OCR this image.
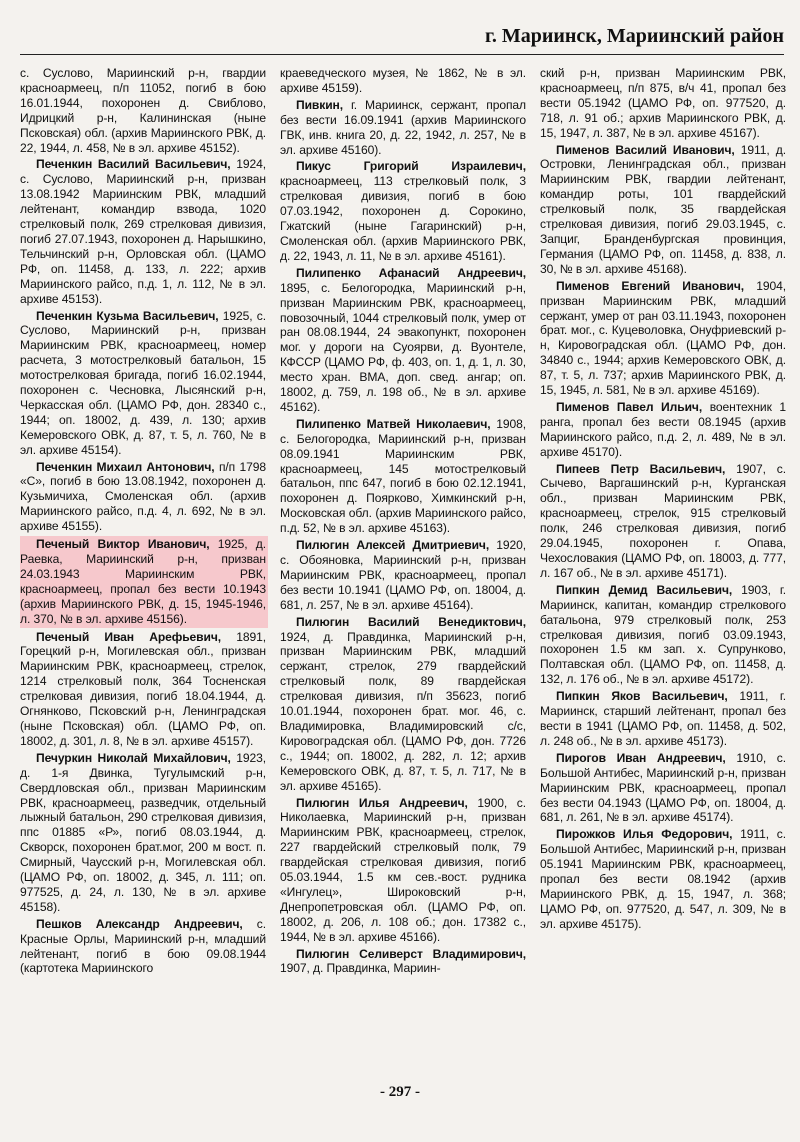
г. Мариинск, Мариинский район

с. Суслово, Мариинский р-н, гвардии красноармеец, п/п 11052, погиб в бою 16.01.1944, похоронен д. Свибловo, Идрицкий р-н, Калининская (ныне Псковская) обл. (архив Мариинского РВК, д. 22, 1944, л. 458, № в эл. архиве 45152).

Печенкин Василий Васильевич, 1924, с. Суслово, Мариинский р-н, призван 13.08.1942 Мариинским РВК, младший лейтенант, командир взвода, 1020 стрелковый полк, 269 стрелковая дивизия, погиб 27.07.1943, похоронен д. Нарышкино, Тельчинский р-н, Орловская обл. (ЦАМО РФ, оп. 11458, д. 133, л. 222; архив Мариинского райсо, п.д. 1, л. 112, № в эл. архиве 45153).

Печенкин Кузьма Васильевич, 1925, с. Суслово, Мариинский р-н, призван Мариинским РВК, красноармеец, номер расчета, 3 мотострелковый батальон, 15 мотострелковая бригада, погиб 16.02.1944, похоронен с. Чесновка, Лысянский р-н, Черкасская обл. (ЦАМО РФ, дон. 28340 с., 1944; оп. 18002, д. 439, л. 130; архив Кемеровского ОВК, д. 87, т. 5, л. 760, № в эл. архиве 45154).

Печенкин Михаил Антонович, п/п 1798 «С», погиб в бою 13.08.1942, похоронен д. Кузьмичиха, Смоленская обл. (архив Мариинского райсо, п.д. 4, л. 692, № в эл. архиве 45155).

Печеный Виктор Иванович, 1925, д. Раевка, Мариинский р-н, призван 24.03.1943 Мариинским РВК, красноармеец, пропал без вести 10.1943 (архив Мариинского РВК, д. 15, 1945-1946, л. 370, № в эл. архиве 45156).

Печеный Иван Арефьевич, 1891, Горецкий р-н, Могилевская обл., призван Мариинским РВК, красноармеец, стрелок, 1214 стрелковый полк, 364 Тосненская стрелковая дивизия, погиб 18.04.1944, д. Огнянково, Псковский р-н, Ленинградская (ныне Псковская) обл. (ЦАМО РФ, оп. 18002, д. 301, л. 8, № в эл. архиве 45157).

Печуркин Николай Михайлович, 1923, д. 1-я Двинка, Тугулымский р-н, Свердловская обл., призван Мариинским РВК, красноармеец, разведчик, отдельный лыжный батальон, 290 стрелковая дивизия, ппс 01885 «Р», погиб 08.03.1944, д. Скворск, похоронен брат.мог, 200 м вост. п. Смирный, Чаусский р-н, Могилевская обл. (ЦАМО РФ, оп. 18002, д. 345, л. 111; оп. 977525, д. 24, л. 130, № в эл. архиве 45158).

Пешков Александр Андреевич, с. Красные Орлы, Мариинский р-н, младший лейтенант, погиб в бою 09.08.1944 (картотека Мариинского

краеведческого музея, № 1862, № в эл. архиве 45159).

Пивкин, г. Мариинск, сержант, пропал без вести 16.09.1941 (архив Мариинского ГВК, инв. книга 20, д. 22, 1942, л. 257, № в эл. архиве 45160).

Пикус Григорий Израилевич, красноармеец, 113 стрелковый полк, 3 стрелковая дивизия, погиб в бою 07.03.1942, похоронен д. Сорокино, Гжатский (ныне Гагаринский) р-н, Смоленская обл. (архив Мариинского РВК, д. 22, 1943, л. 11, № в эл. архиве 45161).

Пилипенко Афанасий Андреевич, 1895, с. Белогородка, Мариинский р-н, призван Мариинским РВК, красноармеец, повозочный, 1044 стрелковый полк, умер от ран 08.08.1944, 24 эвакопункт, похоронен мог. у дороги на Суоярви, д. Вуонтеле, КФССР (ЦАМО РФ, ф. 403, оп. 1, д. 1, л. 30, место хран. ВМА, доп. свед. ангар; оп. 18002, д. 759, л. 198 об., № в эл. архиве 45162).

Пилипенко Матвей Николаевич, 1908, с. Белогородка, Мариинский р-н, призван 08.09.1941 Мариинским РВК, красноармеец, 145 мотострелковый батальон, ппс 647, погиб в бою 02.12.1941, похоронен д. Поярково, Химкинский р-н, Московская обл. (архив Мариинского райсо, п.д. 52, № в эл. архиве 45163).

Пилюгин Алексей Дмитриевич, 1920, с. Обояновка, Мариинский р-н, призван Мариинским РВК, красноармеец, пропал без вести 10.1941 (ЦАМО РФ, оп. 18004, д. 681, л. 257, № в эл. архиве 45164).

Пилюгин Василий Венедиктович, 1924, д. Правдинка, Мариинский р-н, призван Мариинским РВК, младший сержант, стрелок, 279 гвардейский стрелковый полк, 89 гвардейская стрелковая дивизия, п/п 35623, погиб 10.01.1944, похоронен брат. мог. 46, с. Владимировка, Владимировский с/с, Кировоградская обл. (ЦАМО РФ, дон. 7726 с., 1944; оп. 18002, д. 282, л. 12; архив Кемеровского ОВК, д. 87, т. 5, л. 717, № в эл. архиве 45165).

Пилюгин Илья Андреевич, 1900, с. Николаевка, Мариинский р-н, призван Мариинским РВК, красноармеец, стрелок, 227 гвардейский стрелковый полк, 79 гвардейская стрелковая дивизия, погиб 05.03.1944, 1.5 км сев.-вост. рудника «Ингулец», Широковский р-н, Днепропетровская обл. (ЦАМО РФ, оп. 18002, д. 206, л. 108 об.; дон. 17382 с., 1944, № в эл. архиве 45166).

Пилюгин Селиверст Владимирович, 1907, д. Правдинка, Мариин-

ский р-н, призван Мариинским РВК, красноармеец, п/п 875, в/ч 41, пропал без вести 05.1942 (ЦАМО РФ, оп. 977520, д. 718, л. 91 об.; архив Мариинского РВК, д. 15, 1947, л. 387, № в эл. архиве 45167).

Пименов Василий Иванович, 1911, д. Островки, Ленинградская обл., призван Мариинским РВК, гвардии лейтенант, командир роты, 101 гвардейский стрелковый полк, 35 гвардейская стрелковая дивизия, погиб 29.03.1945, с. Запциг, Бранденбургская провинция, Германия (ЦАМО РФ, оп. 11458, д. 838, л. 30, № в эл. архиве 45168).

Пименов Евгений Иванович, 1904, призван Мариинским РВК, младший сержант, умер от ран 03.11.1943, похоронен брат. мог., с. Куцеволовка, Онуфриевский р-н, Кировоградская обл. (ЦАМО РФ, дон. 34840 с., 1944; архив Кемеровского ОВК, д. 87, т. 5, л. 737; архив Мариинского РВК, д. 15, 1945, л. 581, № в эл. архиве 45169).

Пименов Павел Ильич, воентехник 1 ранга, пропал без вести 08.1945 (архив Мариинского райсо, п.д. 2, л. 489, № в эл. архиве 45170).

Пипеев Петр Васильевич, 1907, с. Сычево, Варгашинский р-н, Курганская обл., призван Мариинским РВК, красноармеец, стрелок, 915 стрелковый полк, 246 стрелковая дивизия, погиб 29.04.1945, похоронен г. Опава, Чехословакия (ЦАМО РФ, оп. 18003, д. 777, л. 167 об., № в эл. архиве 45171).

Пипкин Демид Васильевич, 1903, г. Мариинск, капитан, командир стрелкового батальона, 979 стрелковый полк, 253 стрелковая дивизия, погиб 03.09.1943, похоронен 1.5 км зап. х. Супрунково, Полтавская обл. (ЦАМО РФ, оп. 11458, д. 132, л. 176 об., № в эл. архиве 45172).

Пипкин Яков Васильевич, 1911, г. Мариинск, старший лейтенант, пропал без вести в 1941 (ЦАМО РФ, оп. 11458, д. 502, л. 248 об., № в эл. архиве 45173).

Пирогов Иван Андреевич, 1910, с. Большой Антибес, Мариинский р-н, призван Мариинским РВК, красноармеец, пропал без вести 04.1943 (ЦАМО РФ, оп. 18004, д. 681, л. 261, № в эл. архиве 45174).

Пирожков Илья Федорович, 1911, с. Большой Антибес, Мариинский р-н, призван 05.1941 Мариинским РВК, красноармеец, пропал без вести 08.1942 (архив Мариинского РВК, д. 15, 1947, л. 368; ЦАМО РФ, оп. 977520, д. 547, л. 309, № в эл. архиве 45175).

- 297 -
